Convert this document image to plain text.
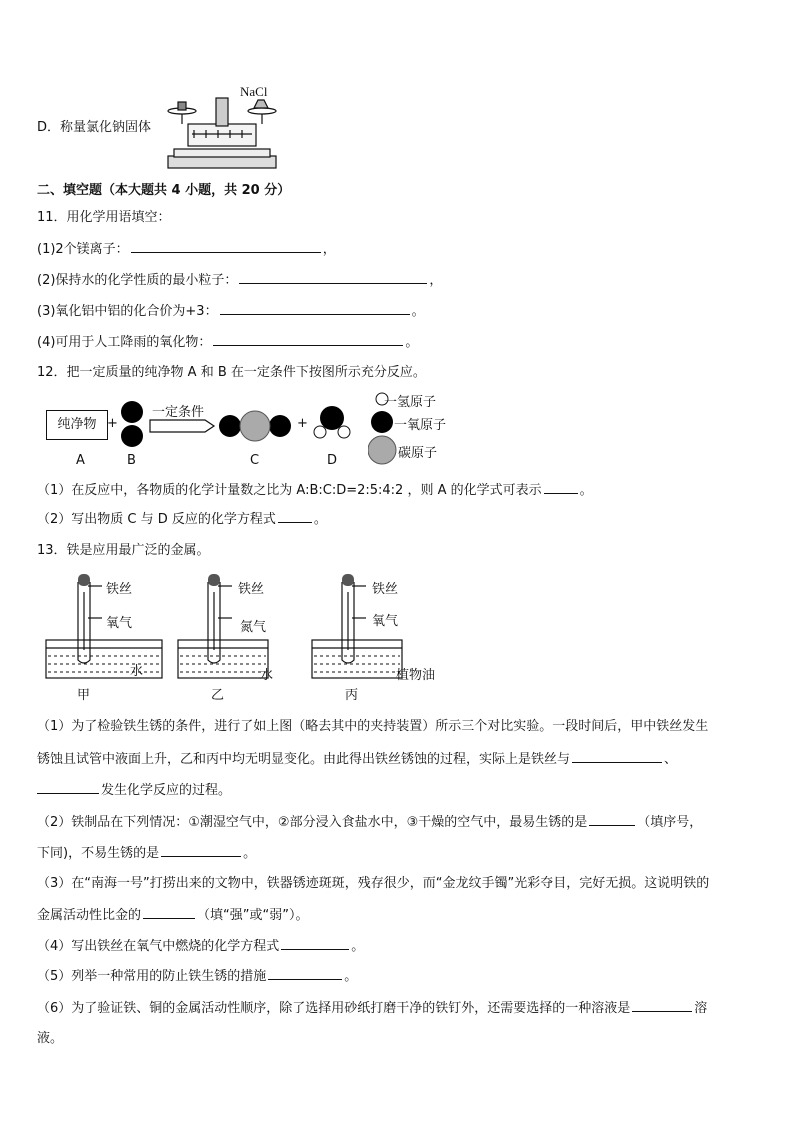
D．称量氯化钠固体
NaCl
二、填空题（本大题共 4 小题，共 20 分）
11．用化学用语填空：
(1)2个镁离子：	，
(2)保持水的化学性质的最小粒子：	，
(3)氧化铝中铝的化合价为+3：	。
(4)可用于人工降雨的氧化物：	。
12．把一定质量的纯净物 A 和 B 在一定条件下按图所示充分反应。
纯净物 +	+
一定条件
一氢原子
一氧原子
碳原子
A	B	C	D
（1）在反应中，各物质的化学计量数之比为 A:B:C:D=2:5:4:2 ，则 A 的化学式可表示	。
（2）写出物质 C 与 D 反应的化学方程式	。
13．铁是应用最广泛的金属。
铁丝
氧气
水
甲
铁丝
氮气
水
乙
铁丝
氧气
植物油
丙
（1）为了检验铁生锈的条件，进行了如上图（略去其中的夹持装置）所示三个对比实验。一段时间后，甲中铁丝发生
锈蚀且试管中液面上升，乙和丙中均无明显变化。由此得出铁丝锈蚀的过程，实际上是铁丝与	、
发生化学反应的过程。
（2）铁制品在下列情况：①潮湿空气中，②部分浸入食盐水中，③干燥的空气中，最易生锈的是	（填序号，
下同)，不易生锈的是	。
（3）在“南海一号”打捞出来的文物中，铁器锈迹斑斑，残存很少，而“金龙纹手镯”光彩夺目，完好无损。这说明铁的
金属活动性比金的	（填“强”或“弱”）。
（4）写出铁丝在氧气中燃烧的化学方程式	。
（5）列举一种常用的防止铁生锈的措施	。
（6）为了验证铁、铜的金属活动性顺序，除了选择用砂纸打磨干净的铁钉外，还需要选择的一种溶液是	溶
液。
